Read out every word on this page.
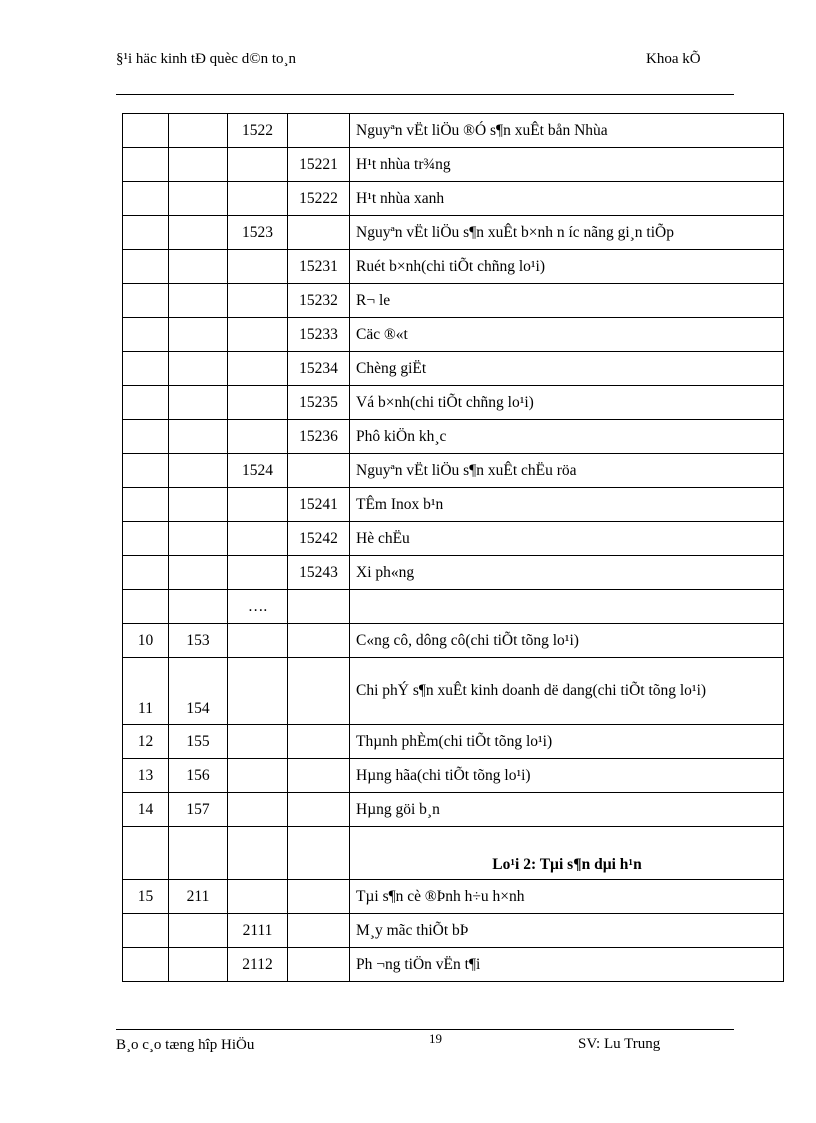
§¹i häc kinh tÐ quèc d©n to¸n	Khoa kÕ
		1522		Nguyªn vËt liÖu ®Ó s¶n xuÊt bån Nhùa
			15221	H¹t nhùa tr¾ng
			15222	H¹t nhùa xanh
		1523		Nguyªn vËt liÖu s¶n xuÊt b×nh n íc nãng gi¸n tiÕp
			15231	Ruét b×nh(chi tiÕt chñng lo¹i)
			15232	R¬ le
			15233	Cäc ®«t
			15234	Chèng giËt
			15235	Vá b×nh(chi tiÕt chñng lo¹i)
			15236	Phô kiÖn kh¸c
		1524		Nguyªn vËt liÖu s¶n xuÊt chËu röa
			15241	TÊm Inox b¹n
			15242	Hè chËu
			15243	Xi ph«ng
		….		
10	153			C«ng cô, dông cô(chi tiÕt tõng lo¹i)
11	154			Chi phÝ s¶n xuÊt kinh doanh dë dang(chi tiÕt tõng lo¹i)
12	155			Thµnh phÈm(chi tiÕt tõng lo¹i)
13	156			Hµng hãa(chi tiÕt tõng lo¹i)
14	157			Hµng göi b¸n
				Lo¹i 2: Tµi s¶n dµi h¹n
15	211			Tµi s¶n cè ®Þnh h÷u h×nh
		2111		M¸y mãc thiÕt bÞ
		2112		Ph ¬ng tiÖn vËn t¶i
B¸o c¸o tæng hîp HiÖu	19	SV: Lu Trung
